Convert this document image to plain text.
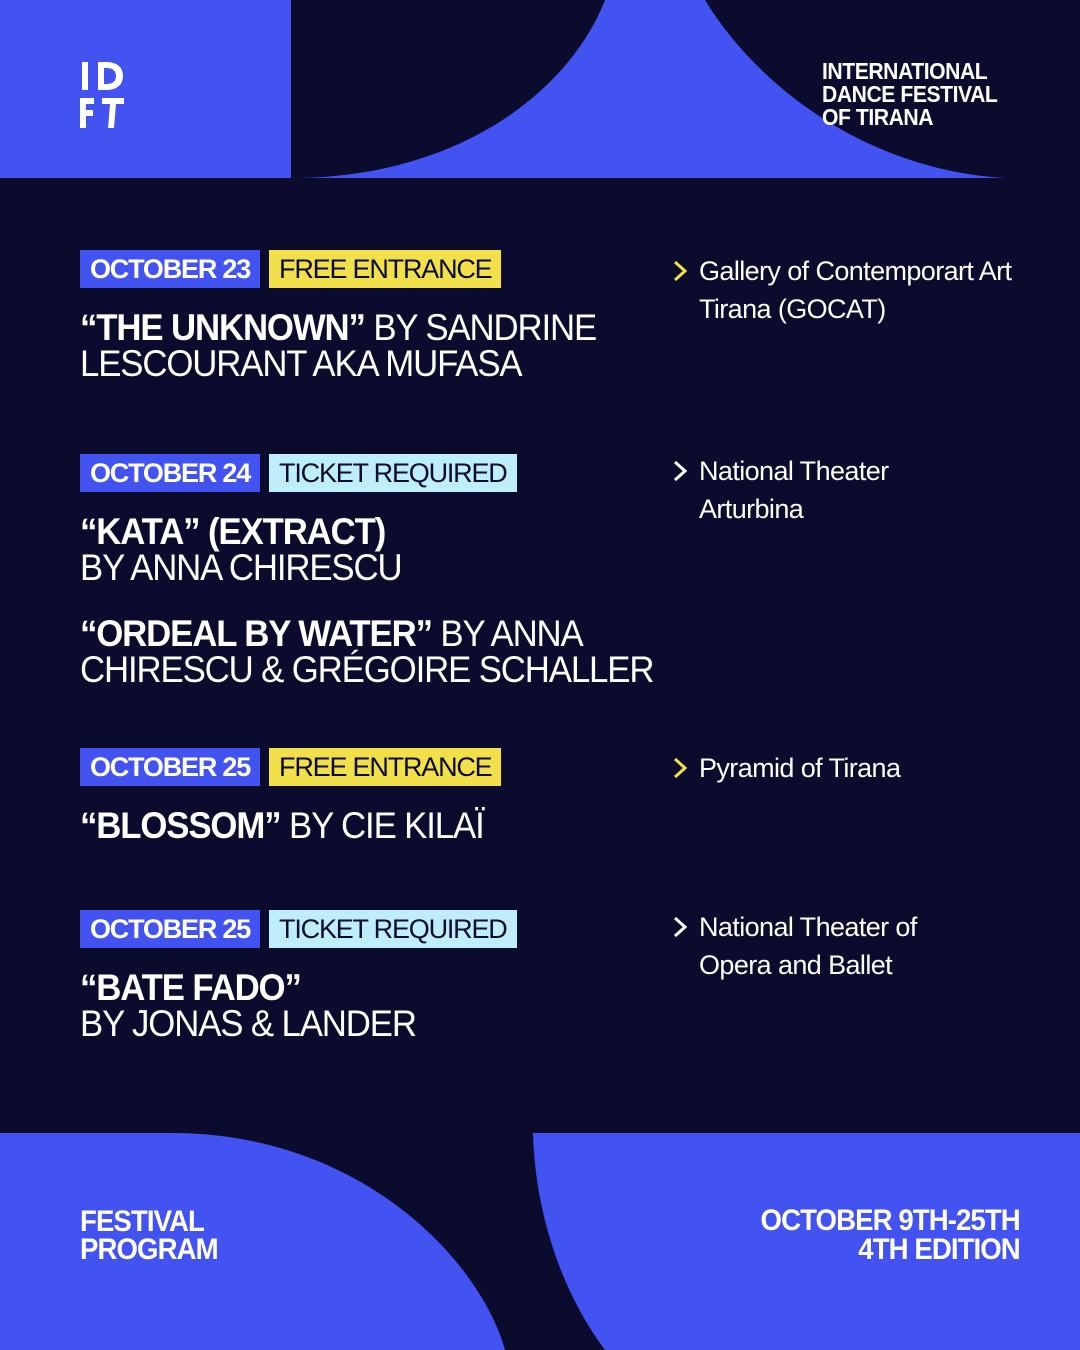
INTERNATIONAL
DANCE FESTIVAL
OF TIRANA
OCTOBER 23	FREE ENTRANCE
“THE UNKNOWN” BY SANDRINE
LESCOURANT AKA MUFASA
Gallery of Contemporart Art Tirana (GOCAT)
OCTOBER 24	TICKET REQUIRED
“KATA” (EXTRACT)
BY ANNA CHIRESCU
“ORDEAL BY WATER” BY ANNA
CHIRESCU & GRÉGOIRE SCHALLER
National Theater Arturbina
OCTOBER 25	FREE ENTRANCE
“BLOSSOM” BY CIE KILAÏ
Pyramid of Tirana
OCTOBER 25	TICKET REQUIRED
“BATE FADO”
BY JONAS & LANDER
National Theater of Opera and Ballet
FESTIVAL
PROGRAM
OCTOBER 9TH-25TH
4TH EDITION
